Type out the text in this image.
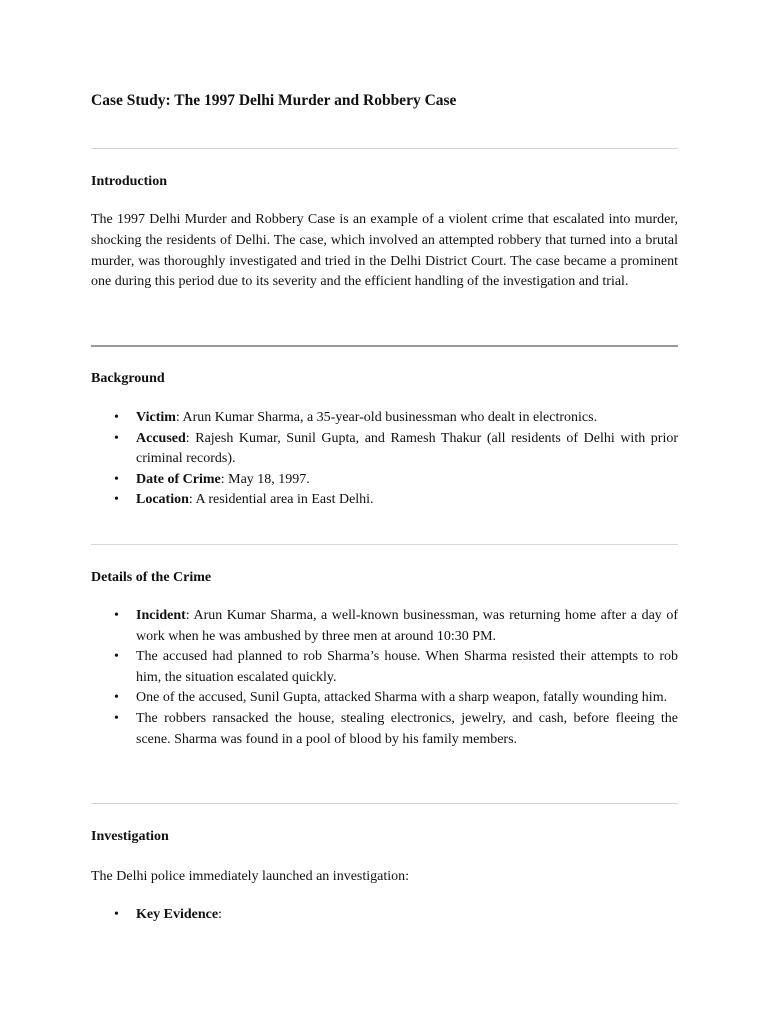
Case Study: The 1997 Delhi Murder and Robbery Case
Introduction

The 1997 Delhi Murder and Robbery Case is an example of a violent crime that escalated into murder, shocking the residents of Delhi. The case, which involved an attempted robbery that turned into a brutal murder, was thoroughly investigated and tried in the Delhi District Court. The case became a prominent one during this period due to its severity and the efficient handling of the investigation and trial.

Background
• Victim: Arun Kumar Sharma, a 35-year-old businessman who dealt in electronics.
• Accused: Rajesh Kumar, Sunil Gupta, and Ramesh Thakur (all residents of Delhi with prior criminal records).
• Date of Crime: May 18, 1997.
• Location: A residential area in East Delhi.
Details of the Crime
• Incident: Arun Kumar Sharma, a well-known businessman, was returning home after a day of work when he was ambushed by three men at around 10:30 PM.
• The accused had planned to rob Sharma’s house. When Sharma resisted their attempts to rob him, the situation escalated quickly.
• One of the accused, Sunil Gupta, attacked Sharma with a sharp weapon, fatally wounding him.
• The robbers ransacked the house, stealing electronics, jewelry, and cash, before fleeing the scene. Sharma was found in a pool of blood by his family members.
Investigation

The Delhi police immediately launched an investigation:

• Key Evidence:
